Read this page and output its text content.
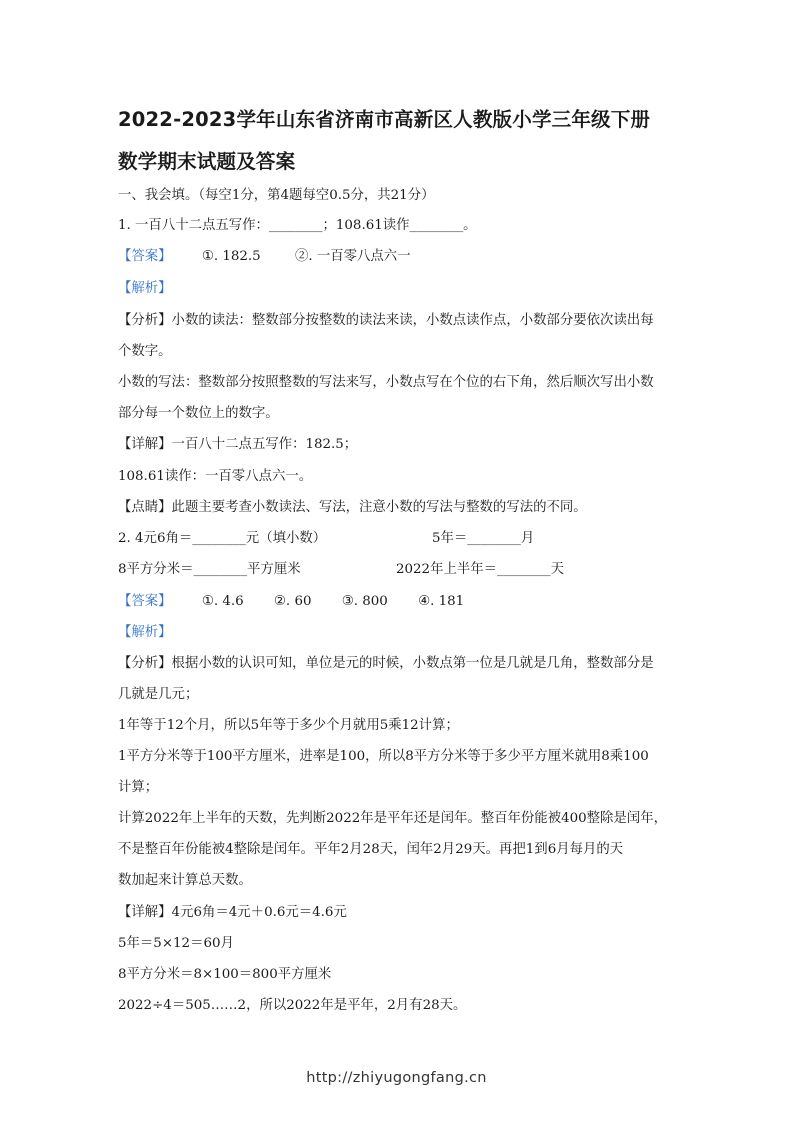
2022-2023学年山东省济南市高新区人教版小学三年级下册
数学期末试题及答案
一、我会填。（每空1分，第4题每空0.5分，共21分）
1. 一百八十二点五写作：________；108.61读作________。
【答案】 ①. 182.5	②. 一百零八点六一
【解析】
【分析】小数的读法：整数部分按整数的读法来读，小数点读作点，小数部分要依次读出每
个数字。
小数的写法：整数部分按照整数的写法来写，小数点写在个位的右下角，然后顺次写出小数
部分每一个数位上的数字。
【详解】一百八十二点五写作：182.5；
108.61读作：一百零八点六一。
【点睛】此题主要考查小数读法、写法，注意小数的写法与整数的写法的不同。
2. 4元6角＝________元（填小数）	5年＝________月
8平方分米＝________平方厘米	2022年上半年＝________天
【答案】 ①. 4.6 ②. 60 ③. 800 ④. 181
【解析】
【分析】根据小数的认识可知，单位是元的时候，小数点第一位是几就是几角，整数部分是
几就是几元；
1年等于12个月，所以5年等于多少个月就用5乘12计算；
1平方分米等于100平方厘米，进率是100，所以8平方分米等于多少平方厘米就用8乘100
计算；
计算2022年上半年的天数，先判断2022年是平年还是闰年。整百年份能被400整除是闰年，
不是整百年份能被4整除是闰年。平年2月28天，闰年2月29天。再把1到6月每月的天
数加起来计算总天数。
【详解】4元6角＝4元＋0.6元＝4.6元
5年＝5×12＝60月
8平方分米＝8×100＝800平方厘米
2022÷4＝505……2，所以2022年是平年，2月有28天。
http://zhiyugongfang.cn
